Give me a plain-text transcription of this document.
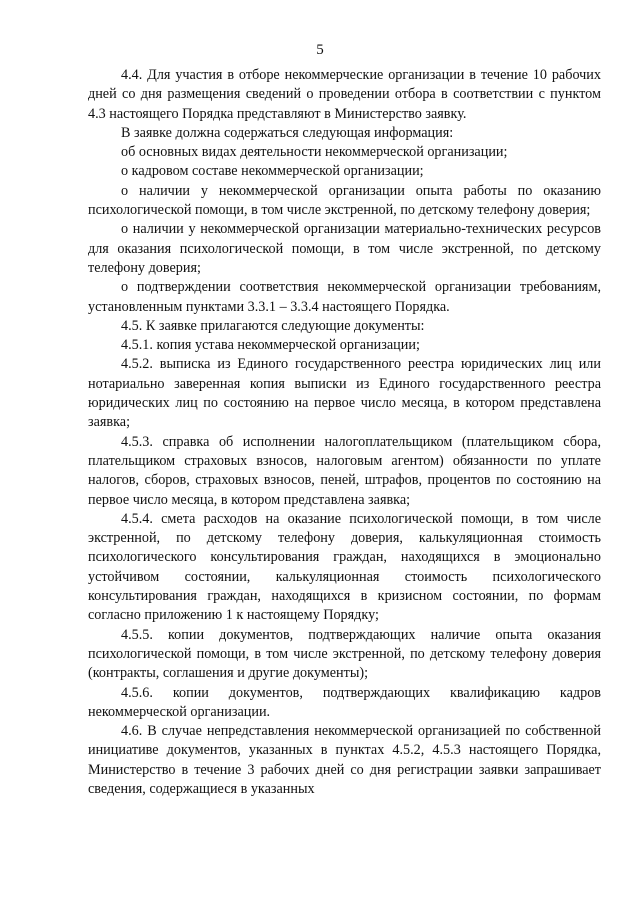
5

4.4. Для участия в отборе некоммерческие организации в течение 10 рабочих дней со дня размещения сведений о проведении отбора в соответствии с пунктом 4.3 настоящего Порядка представляют в Министерство заявку.

В заявке должна содержаться следующая информация:

об основных видах деятельности некоммерческой организации;

о кадровом составе некоммерческой организации;

о наличии у некоммерческой организации опыта работы по оказанию психологической помощи, в том числе экстренной, по детскому телефону доверия;

о наличии у некоммерческой организации материально-технических ресурсов для оказания психологической помощи, в том числе экстренной, по детскому телефону доверия;

о подтверждении соответствия некоммерческой организации требованиям, установленным пунктами 3.3.1 – 3.3.4 настоящего Порядка.

4.5. К заявке прилагаются следующие документы:

4.5.1. копия устава некоммерческой организации;

4.5.2. выписка из Единого государственного реестра юридических лиц или нотариально заверенная копия выписки из Единого государственного реестра юридических лиц по состоянию на первое число месяца, в котором представлена заявка;

4.5.3. справка об исполнении налогоплательщиком (плательщиком сбора, плательщиком страховых взносов, налоговым агентом) обязанности по уплате налогов, сборов, страховых взносов, пеней, штрафов, процентов по состоянию на первое число месяца, в котором представлена заявка;

4.5.4. смета расходов на оказание психологической помощи, в том числе экстренной, по детскому телефону доверия, калькуляционная стоимость психологического консультирования граждан, находящихся в эмоционально устойчивом состоянии, калькуляционная стоимость психологического консультирования граждан, находящихся в кризисном состоянии, по формам согласно приложению 1 к настоящему Порядку;

4.5.5. копии документов, подтверждающих наличие опыта оказания психологической помощи, в том числе экстренной, по детскому телефону доверия (контракты, соглашения и другие документы);

4.5.6. копии документов, подтверждающих квалификацию кадров некоммерческой организации.

4.6. В случае непредставления некоммерческой организацией по собственной инициативе документов, указанных в пунктах 4.5.2, 4.5.3 настоящего Порядка, Министерство в течение 3 рабочих дней со дня регистрации заявки запрашивает сведения, содержащиеся в указанных
